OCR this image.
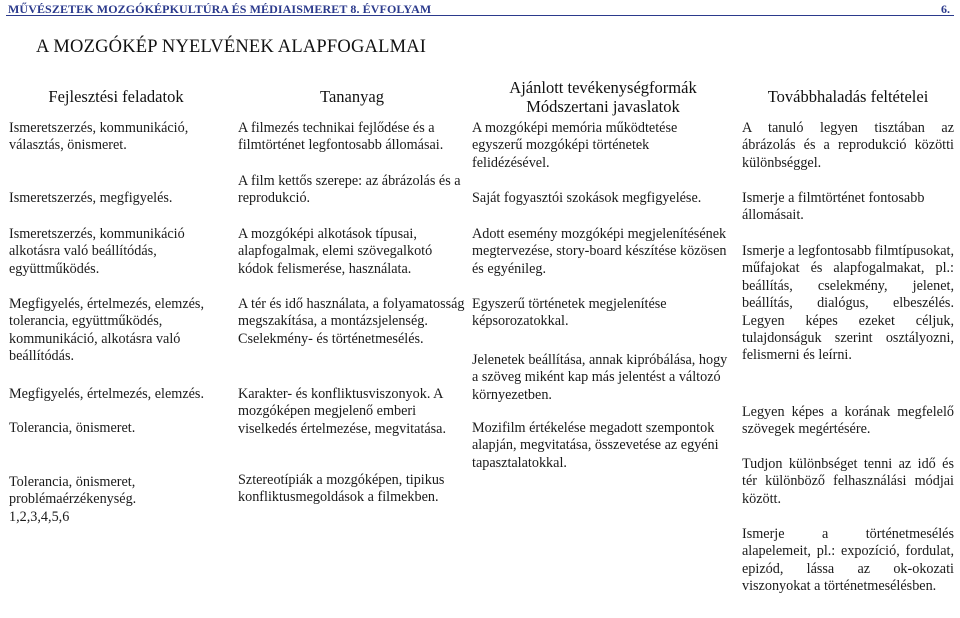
MŰVÉSZETEK MOZGÓKÉPKULTÚRA ÉS MÉDIAISMERET 8. ÉVFOLYAM	6.
A MOZGÓKÉP NYELVÉNEK ALAPFOGALMAI
Fejlesztési feladatok

Ismeretszerzés, kommunikáció, választás, önismeret.

Ismeretszerzés, megfigyelés.

Ismeretszerzés, kommunikáció alkotásra való beállítódás, együttműködés.

Megfigyelés, értelmezés, elemzés, tolerancia, együttműködés, kommunikáció, alkotásra való beállítódás.

Megfigyelés, értelmezés, elemzés.

Tolerancia, önismeret.

Tolerancia, önismeret, problémaérzékenység. 1,2,3,4,5,6

Tananyag

A filmezés technikai fejlődése és a filmtörténet legfontosabb állomásai.

A film kettős szerepe: az ábrázolás és a reprodukció.

A mozgóképi alkotások típusai, alapfogalmak, elemi szövegalkotó kódok felismerése, használata.

A tér és idő használata, a folyamatosság megszakítása, a montázsjelenség. Cselekmény- és történetmesélés.

Karakter- és konfliktusviszonyok. A mozgóképen megjelenő emberi viselkedés értelmezése, megvitatása.

Sztereotípiák a mozgóképen, tipikus konfliktusmegoldások a filmekben.

Ajánlott tevékenységformák
Módszertani javaslatok

A mozgóképi memória működtetése egyszerű mozgóképi történetek felidézésével.

Saját fogyasztói szokások megfigyelése.

Adott esemény mozgóképi megjelenítésének megtervezése, story-board készítése közösen és egyénileg.

Egyszerű történetek megjelenítése képsorozatokkal.

Jelenetek beállítása, annak kipróbálása, hogy a szöveg miként kap más jelentést a változó környezetben.

Mozifilm értékelése megadott szempontok alapján, megvitatása, összevetése az egyéni tapasztalatokkal.

Továbbhaladás feltételei

A tanuló legyen tisztában az ábrázolás és a reprodukció közötti különbséggel.

Ismerje a filmtörténet fontosabb állomásait.

Ismerje a legfontosabb filmtípusokat, műfajokat és alapfogalmakat, pl.: beállítás, cselekmény, jelenet, beállítás, dialógus, elbeszélés. Legyen képes ezeket céljuk, tulajdonságuk szerint osztályozni, felismerni és leírni.

Legyen képes a korának megfelelő szövegek megértésére.

Tudjon különbséget tenni az idő és tér különböző felhasználási módjai között.

Ismerje a történetmesélés alapelemeit, pl.: expozíció, fordulat, epizód, lássa az ok-okozati viszonyokat a történetmesélésben.
